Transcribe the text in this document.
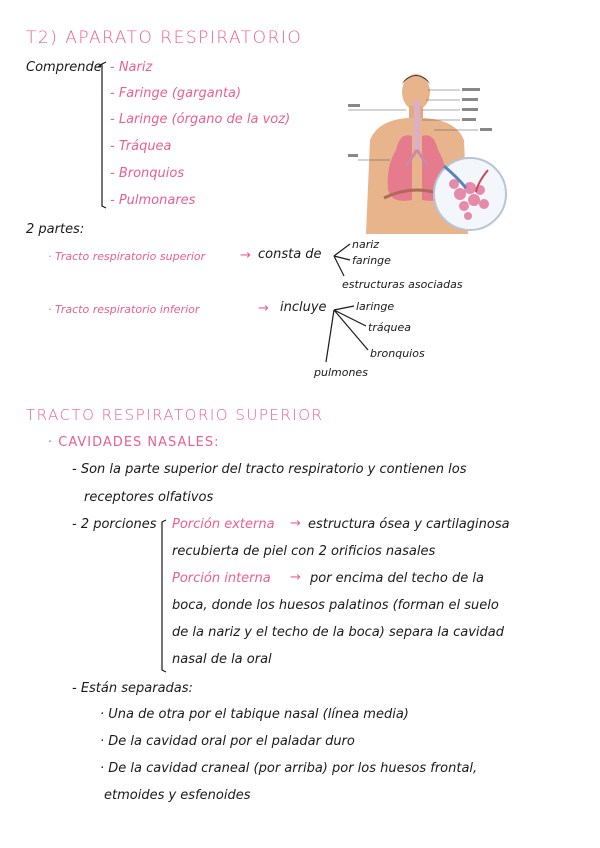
T2) APARATO RESPIRATORIO
Comprende - Nariz
- Faringe (garganta)
- Laringe (órgano de la voz)
- Tráquea
- Bronquios
- Pulmonares
2 partes:
· Tracto respiratorio superior	→ consta de
nariz
faringe
estructuras asociadas
· Tracto respiratorio inferior	→ incluye	laringe
tráquea
bronquios
pulmones
TRACTO RESPIRATORIO SUPERIOR
· CAVIDADES NASALES:
- Son la parte superior del tracto respiratorio y contienen los
receptores olfativos
- 2 porciones Porción externa → estructura ósea y cartilaginosa
recubierta de piel con 2 orificios nasales
Porción interna → por encima del techo de la
boca, donde los huesos palatinos (forman el suelo
de la nariz y el techo de la boca) separa la cavidad
nasal de la oral
- Están separadas:
· Una de otra por el tabique nasal (línea media)
· De la cavidad oral por el paladar duro
· De la cavidad craneal (por arriba) por los huesos frontal,
etmoides y esfenoides
